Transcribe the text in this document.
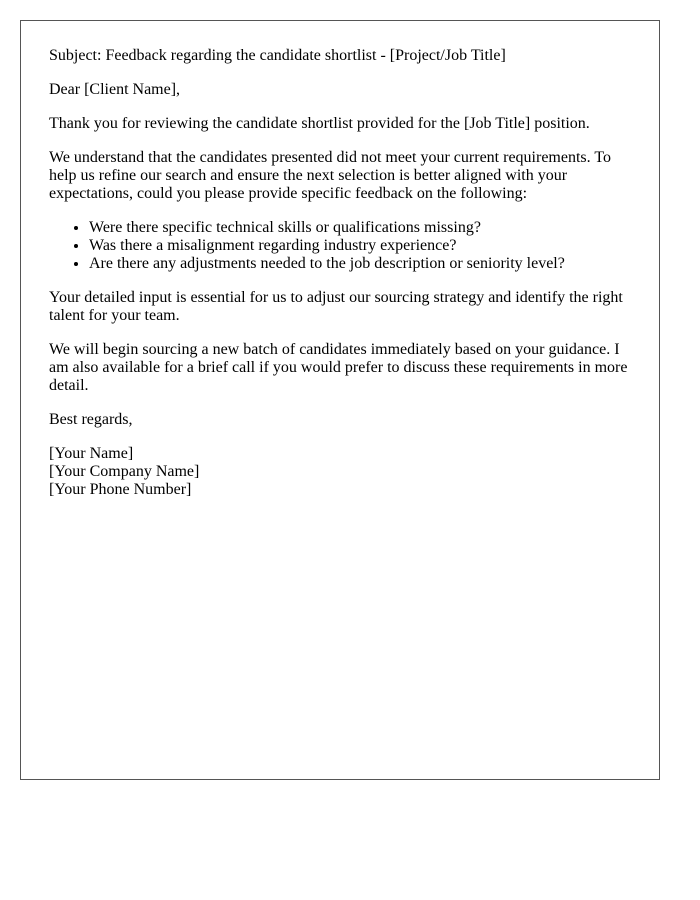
Subject: Feedback regarding the candidate shortlist - [Project/Job Title]

Dear [Client Name],

Thank you for reviewing the candidate shortlist provided for the [Job Title] position.

We understand that the candidates presented did not meet your current requirements. To help us refine our search and ensure the next selection is better aligned with your expectations, could you please provide specific feedback on the following:

• Were there specific technical skills or qualifications missing?
• Was there a misalignment regarding industry experience?
• Are there any adjustments needed to the job description or seniority level?

Your detailed input is essential for us to adjust our sourcing strategy and identify the right talent for your team.

We will begin sourcing a new batch of candidates immediately based on your guidance. I am also available for a brief call if you would prefer to discuss these requirements in more detail.

Best regards,

[Your Name]
[Your Company Name]
[Your Phone Number]
